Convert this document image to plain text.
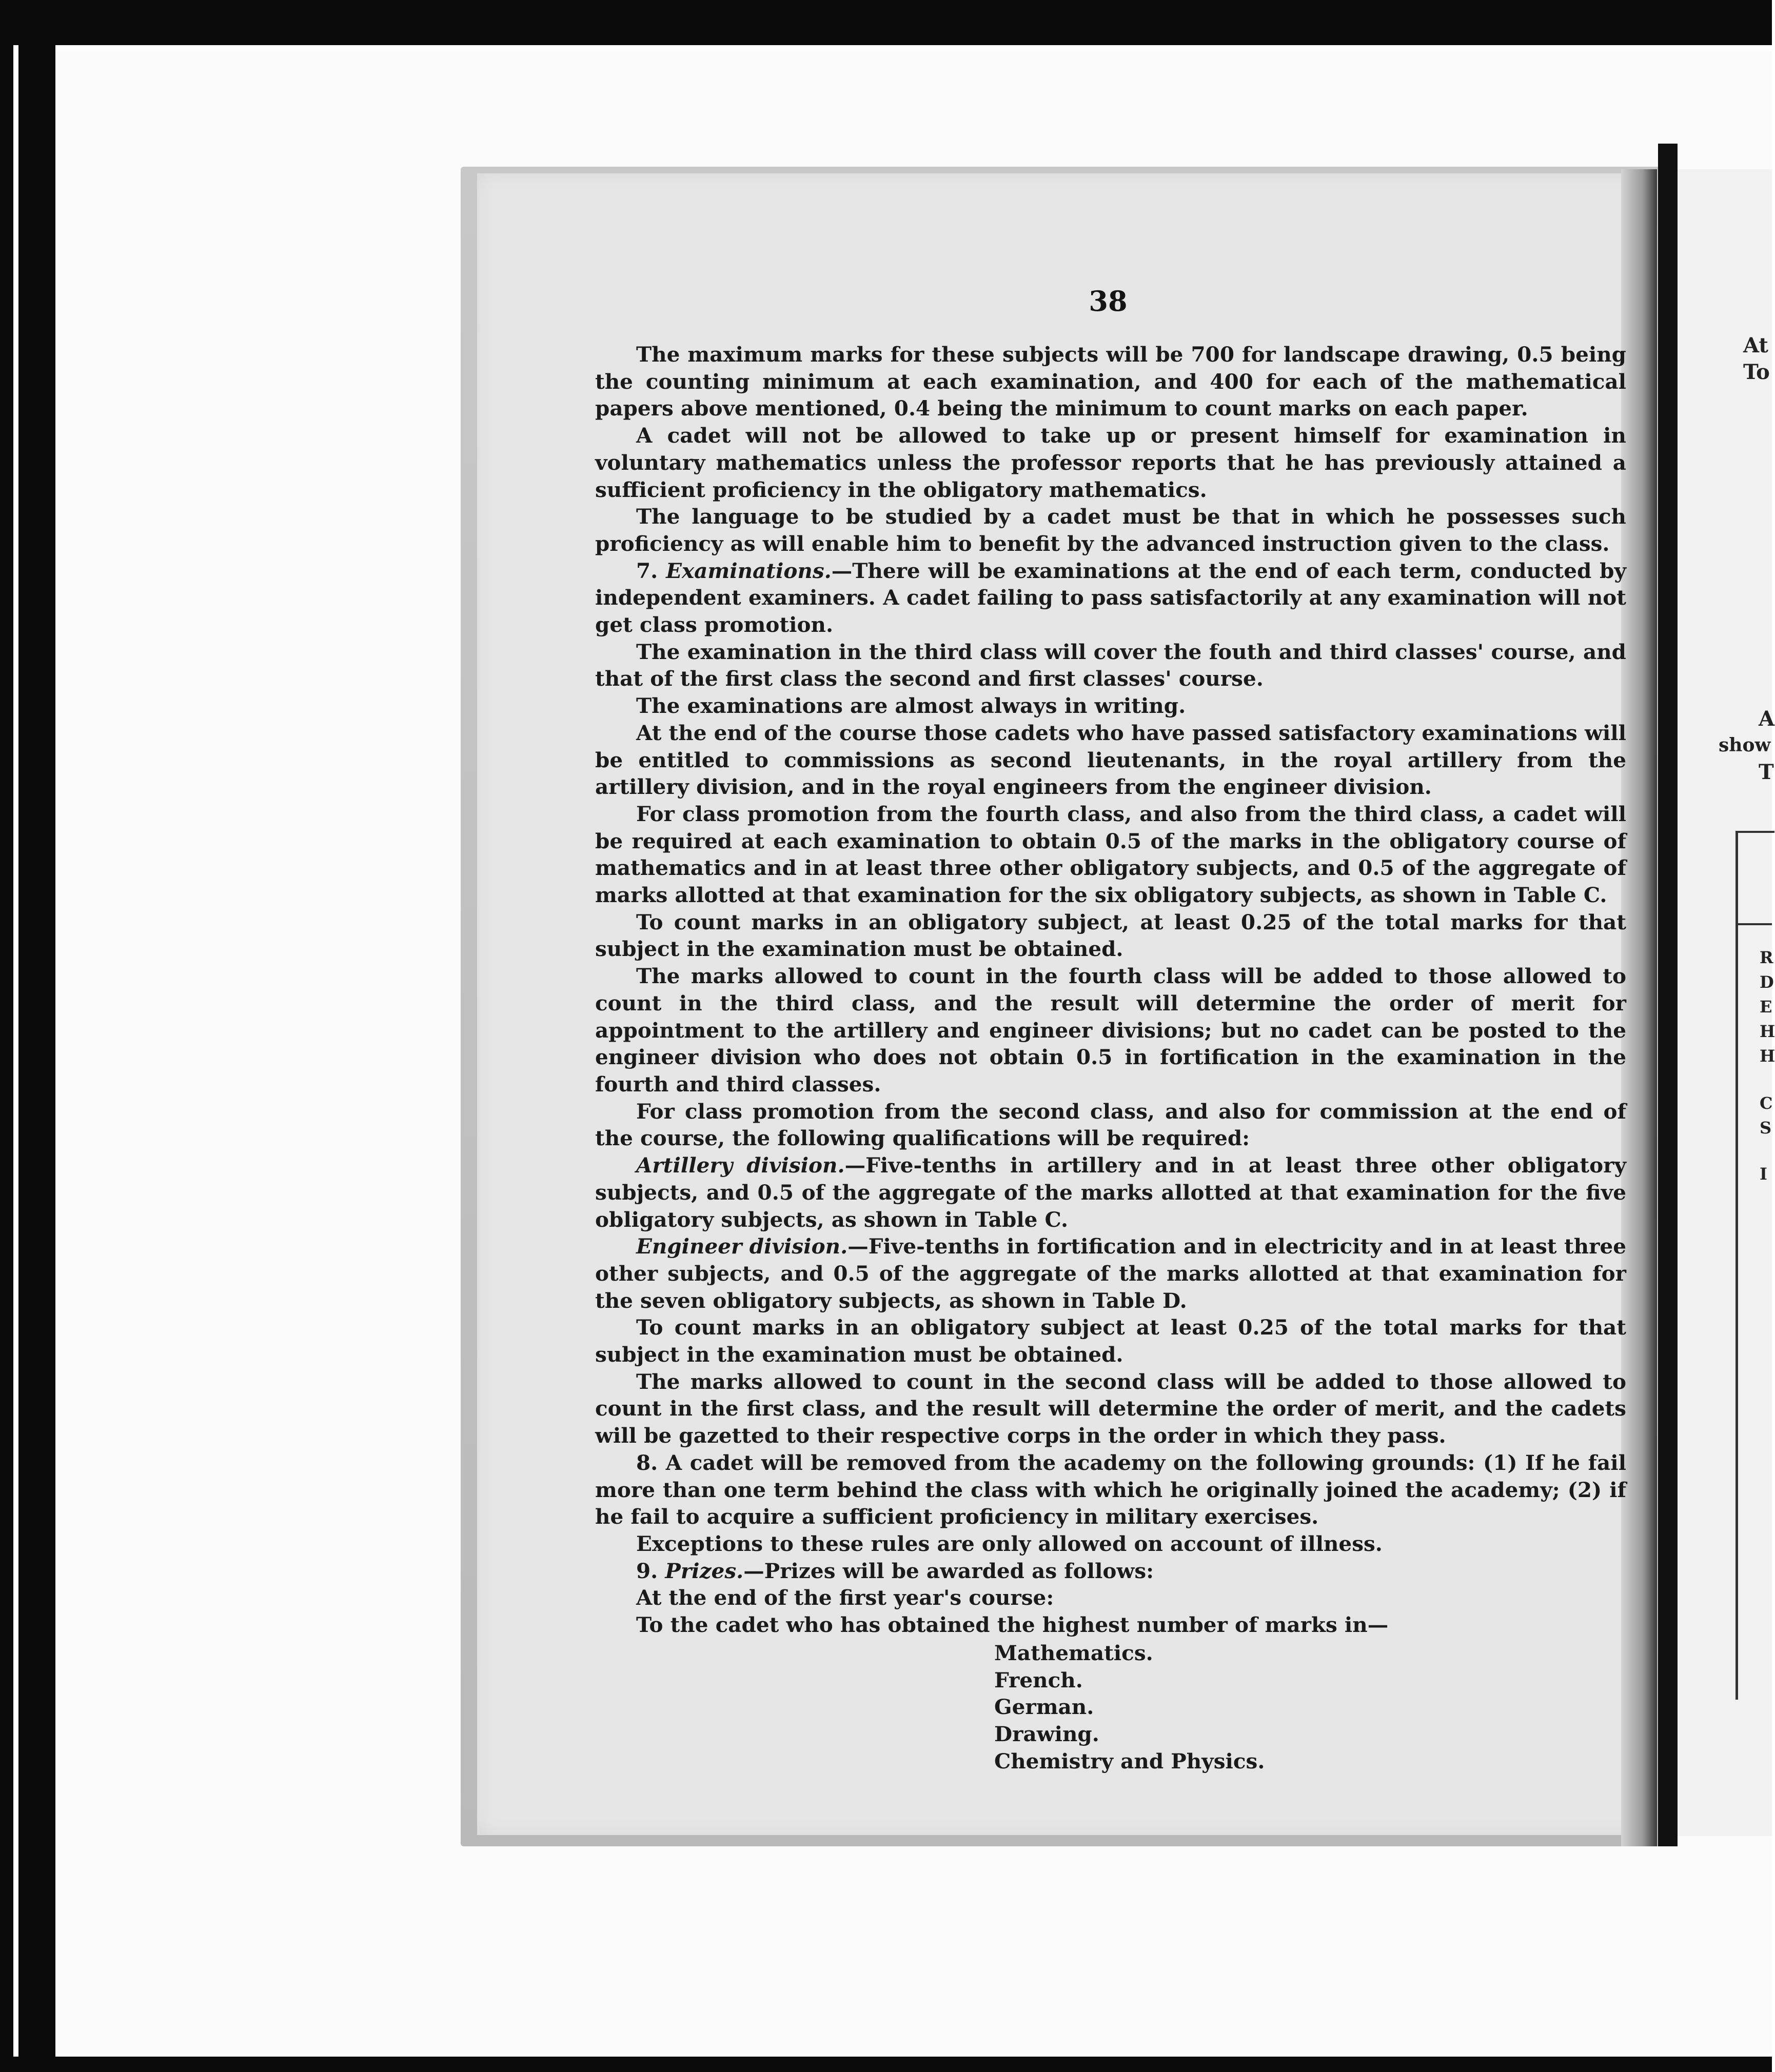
At
To
A
show
T
R
D
E
H
H
C
S
I
38

The maximum marks for these subjects will be 700 for landscape drawing, 0.5 being the counting minimum at each examination, and 400 for each of the mathematical papers above mentioned, 0.4 being the minimum to count marks on each paper.

A cadet will not be allowed to take up or present himself for examination in voluntary mathematics unless the professor reports that he has previously attained a sufficient proficiency in the obligatory mathematics.

The language to be studied by a cadet must be that in which he possesses such proficiency as will enable him to benefit by the advanced instruction given to the class.

7. Examinations.—There will be examinations at the end of each term, conducted by independent examiners. A cadet failing to pass satisfactorily at any examination will not get class promotion.

The examination in the third class will cover the fouth and third classes' course, and that of the first class the second and first classes' course.

The examinations are almost always in writing.

At the end of the course those cadets who have passed satisfactory examinations will be entitled to commissions as second lieutenants, in the royal artillery from the artillery division, and in the royal engineers from the engineer division.

For class promotion from the fourth class, and also from the third class, a cadet will be required at each examination to obtain 0.5 of the marks in the obligatory course of mathematics and in at least three other obligatory subjects, and 0.5 of the aggregate of marks allotted at that examination for the six obligatory subjects, as shown in Table C.

To count marks in an obligatory subject, at least 0.25 of the total marks for that subject in the examination must be obtained.

The marks allowed to count in the fourth class will be added to those allowed to count in the third class, and the result will determine the order of merit for appointment to the artillery and engineer divisions; but no cadet can be posted to the engineer division who does not obtain 0.5 in fortification in the examination in the fourth and third classes.

For class promotion from the second class, and also for commission at the end of the course, the following qualifications will be required:

Artillery division.—Five-tenths in artillery and in at least three other obligatory subjects, and 0.5 of the aggregate of the marks allotted at that examination for the five obligatory subjects, as shown in Table C.

Engineer division.—Five-tenths in fortification and in electricity and in at least three other subjects, and 0.5 of the aggregate of the marks allotted at that examination for the seven obligatory subjects, as shown in Table D.

To count marks in an obligatory subject at least 0.25 of the total marks for that subject in the examination must be obtained.

The marks allowed to count in the second class will be added to those allowed to count in the first class, and the result will determine the order of merit, and the cadets will be gazetted to their respective corps in the order in which they pass.

8. A cadet will be removed from the academy on the following grounds: (1) If he fail more than one term behind the class with which he originally joined the academy; (2) if he fail to acquire a sufficient proficiency in military exercises.

Exceptions to these rules are only allowed on account of illness.

9. Prizes.—Prizes will be awarded as follows:

At the end of the first year's course:

To the cadet who has obtained the highest number of marks in—

Mathematics.
French.
German.
Drawing.
Chemistry and Physics.
